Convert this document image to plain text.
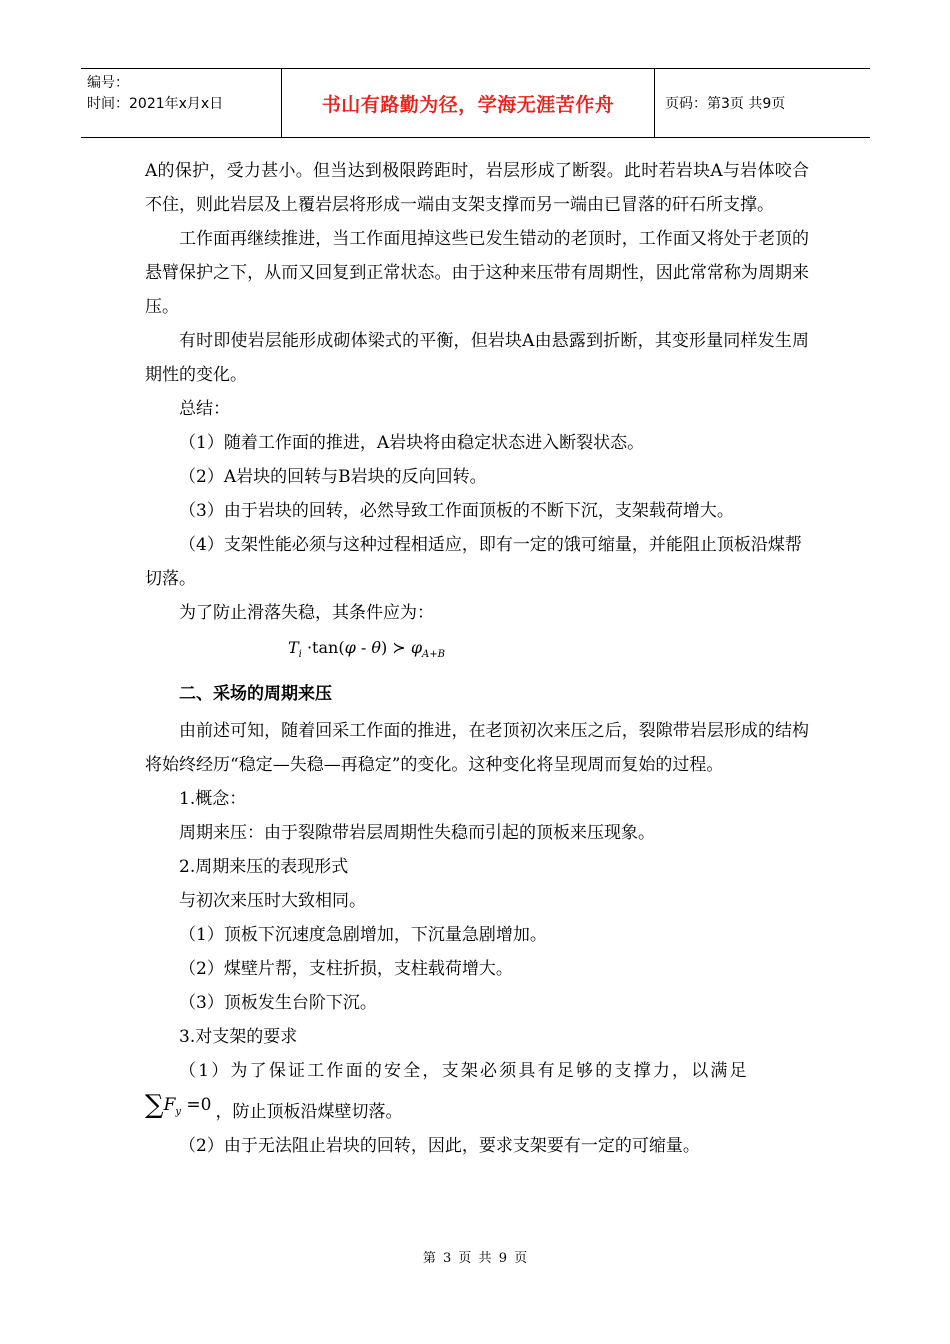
编号：
时间：2021年x月x日	书山有路勤为径，学海无涯苦作舟	页码：第3页 共9页

A的保护，受力甚小。但当达到极限跨距时，岩层形成了断裂。此时若岩块A与岩体咬合不住，则此岩层及上覆岩层将形成一端由支架支撑而另一端由已冒落的矸石所支撑。

工作面再继续推进，当工作面甩掉这些已发生错动的老顶时，工作面又将处于老顶的悬臂保护之下，从而又回复到正常状态。由于这种来压带有周期性，因此常常称为周期来压。

有时即使岩层能形成砌体梁式的平衡，但岩块A由悬露到折断，其变形量同样发生周期性的变化。

总结：

（1）随着工作面的推进，A岩块将由稳定状态进入断裂状态。

（2）A岩块的回转与B岩块的反向回转。

（3）由于岩块的回转，必然导致工作面顶板的不断下沉，支架载荷增大。

（4）支架性能必须与这种过程相适应，即有一定的饿可缩量，并能阻止顶板沿煤帮切落。

为了防止滑落失稳，其条件应为：

$T_i \cdot\tan(\varphi - \theta)$ ≻ $\varphi_{A+B}$

二、采场的周期来压

由前述可知，随着回采工作面的推进，在老顶初次来压之后，裂隙带岩层形成的结构将始终经历“稳定—失稳—再稳定”的变化。这种变化将呈现周而复始的过程。

1.概念：

周期来压：由于裂隙带岩层周期性失稳而引起的顶板来压现象。

2.周期来压的表现形式

与初次来压时大致相同。

（1）顶板下沉速度急剧增加，下沉量急剧增加。

（2）煤壁片帮，支柱折损，支柱载荷增大。

（3）顶板发生台阶下沉。

3.对支架的要求

（1）为了保证工作面的安全，支架必须具有足够的支撑力，以满足

$\sum F_y =0$ ，防止顶板沿煤壁切落。

（2）由于无法阻止岩块的回转，因此，要求支架要有一定的可缩量。

第 3 页 共 9 页
